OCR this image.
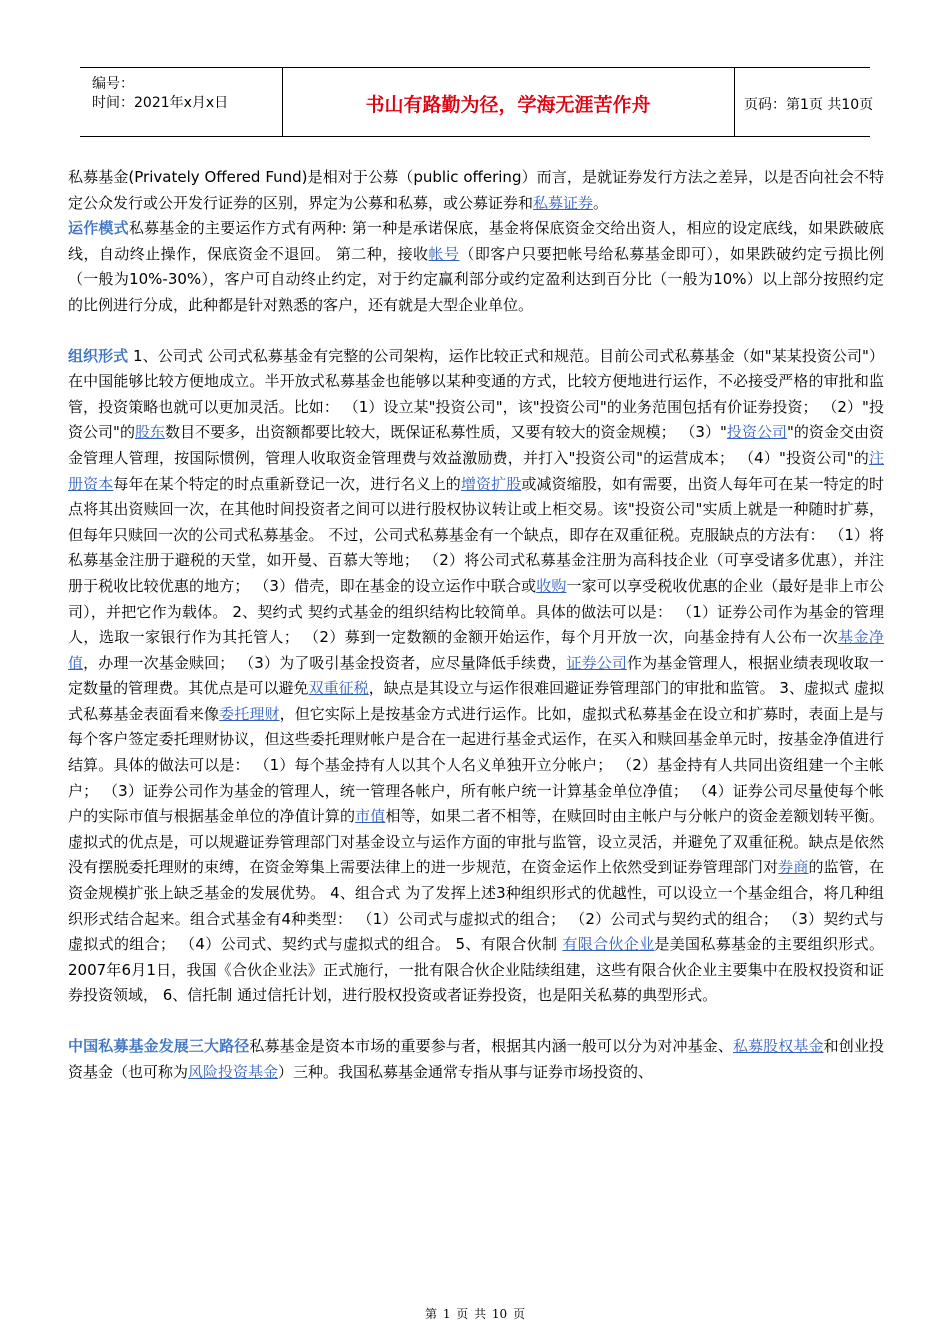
编号：
时间：2021年x月x日	书山有路勤为径，学海无涯苦作舟	页码：第1页 共10页

私募基金(Privately Offered Fund)是相对于公募（public offering）而言，是就证券发行方法之差异，以是否向社会不特定公众发行或公开发行证券的区别，界定为公募和私募，或公募证券和私募证券。

运作模式私募基金的主要运作方式有两种: 第一种是承诺保底，基金将保底资金交给出资人，相应的设定底线，如果跌破底线，自动终止操作，保底资金不退回。 第二种，接收帐号（即客户只要把帐号给私募基金即可），如果跌破约定亏损比例（一般为10%-30%），客户可自动终止约定，对于约定赢利部分或约定盈利达到百分比（一般为10%）以上部分按照约定的比例进行分成，此种都是针对熟悉的客户，还有就是大型企业单位。

组织形式 1、公司式 公司式私募基金有完整的公司架构，运作比较正式和规范。目前公司式私募基金（如"某某投资公司"）在中国能够比较方便地成立。半开放式私募基金也能够以某种变通的方式，比较方便地进行运作，不必接受严格的审批和监管，投资策略也就可以更加灵活。比如： （1）设立某"投资公司"，该"投资公司"的业务范围包括有价证券投资； （2）"投资公司"的股东数目不要多，出资额都要比较大，既保证私募性质，又要有较大的资金规模； （3）"投资公司"的资金交由资金管理人管理，按国际惯例，管理人收取资金管理费与效益激励费，并打入"投资公司"的运营成本； （4）"投资公司"的注册资本每年在某个特定的时点重新登记一次，进行名义上的增资扩股或减资缩股，如有需要，出资人每年可在某一特定的时点将其出资赎回一次，在其他时间投资者之间可以进行股权协议转让或上柜交易。该"投资公司"实质上就是一种随时扩募，但每年只赎回一次的公司式私募基金。 不过，公司式私募基金有一个缺点，即存在双重征税。克服缺点的方法有： （1）将私募基金注册于避税的天堂，如开曼、百慕大等地； （2）将公司式私募基金注册为高科技企业（可享受诸多优惠），并注册于税收比较优惠的地方； （3）借壳，即在基金的设立运作中联合或收购一家可以享受税收优惠的企业（最好是非上市公司），并把它作为载体。 2、契约式 契约式基金的组织结构比较简单。具体的做法可以是： （1）证券公司作为基金的管理人，选取一家银行作为其托管人； （2）募到一定数额的金额开始运作，每个月开放一次，向基金持有人公布一次基金净值，办理一次基金赎回； （3）为了吸引基金投资者，应尽量降低手续费，证券公司作为基金管理人，根据业绩表现收取一定数量的管理费。其优点是可以避免双重征税，缺点是其设立与运作很难回避证券管理部门的审批和监管。 3、虚拟式 虚拟式私募基金表面看来像委托理财，但它实际上是按基金方式进行运作。比如，虚拟式私募基金在设立和扩募时，表面上是与每个客户签定委托理财协议，但这些委托理财帐户是合在一起进行基金式运作，在买入和赎回基金单元时，按基金净值进行结算。具体的做法可以是： （1）每个基金持有人以其个人名义单独开立分帐户； （2）基金持有人共同出资组建一个主帐户； （3）证券公司作为基金的管理人，统一管理各帐户，所有帐户统一计算基金单位净值； （4）证券公司尽量使每个帐户的实际市值与根据基金单位的净值计算的市值相等，如果二者不相等，在赎回时由主帐户与分帐户的资金差额划转平衡。 虚拟式的优点是，可以规避证券管理部门对基金设立与运作方面的审批与监管，设立灵活，并避免了双重征税。缺点是依然没有摆脱委托理财的束缚，在资金筹集上需要法律上的进一步规范，在资金运作上依然受到证券管理部门对券商的监管，在资金规模扩张上缺乏基金的发展优势。 4、组合式 为了发挥上述3种组织形式的优越性，可以设立一个基金组合，将几种组织形式结合起来。组合式基金有4种类型： （1）公司式与虚拟式的组合； （2）公司式与契约式的组合； （3）契约式与虚拟式的组合； （4）公司式、契约式与虚拟式的组合。 5、有限合伙制 有限合伙企业是美国私募基金的主要组织形式。 2007年6月1日，我国《合伙企业法》正式施行，一批有限合伙企业陆续组建，这些有限合伙企业主要集中在股权投资和证券投资领域， 6、信托制 通过信托计划，进行股权投资或者证券投资，也是阳关私募的典型形式。

中国私募基金发展三大路径私募基金是资本市场的重要参与者，根据其内涵一般可以分为对冲基金、私募股权基金和创业投资基金（也可称为风险投资基金）三种。我国私募基金通常专指从事与证券市场投资的、

第 1 页 共 10 页
